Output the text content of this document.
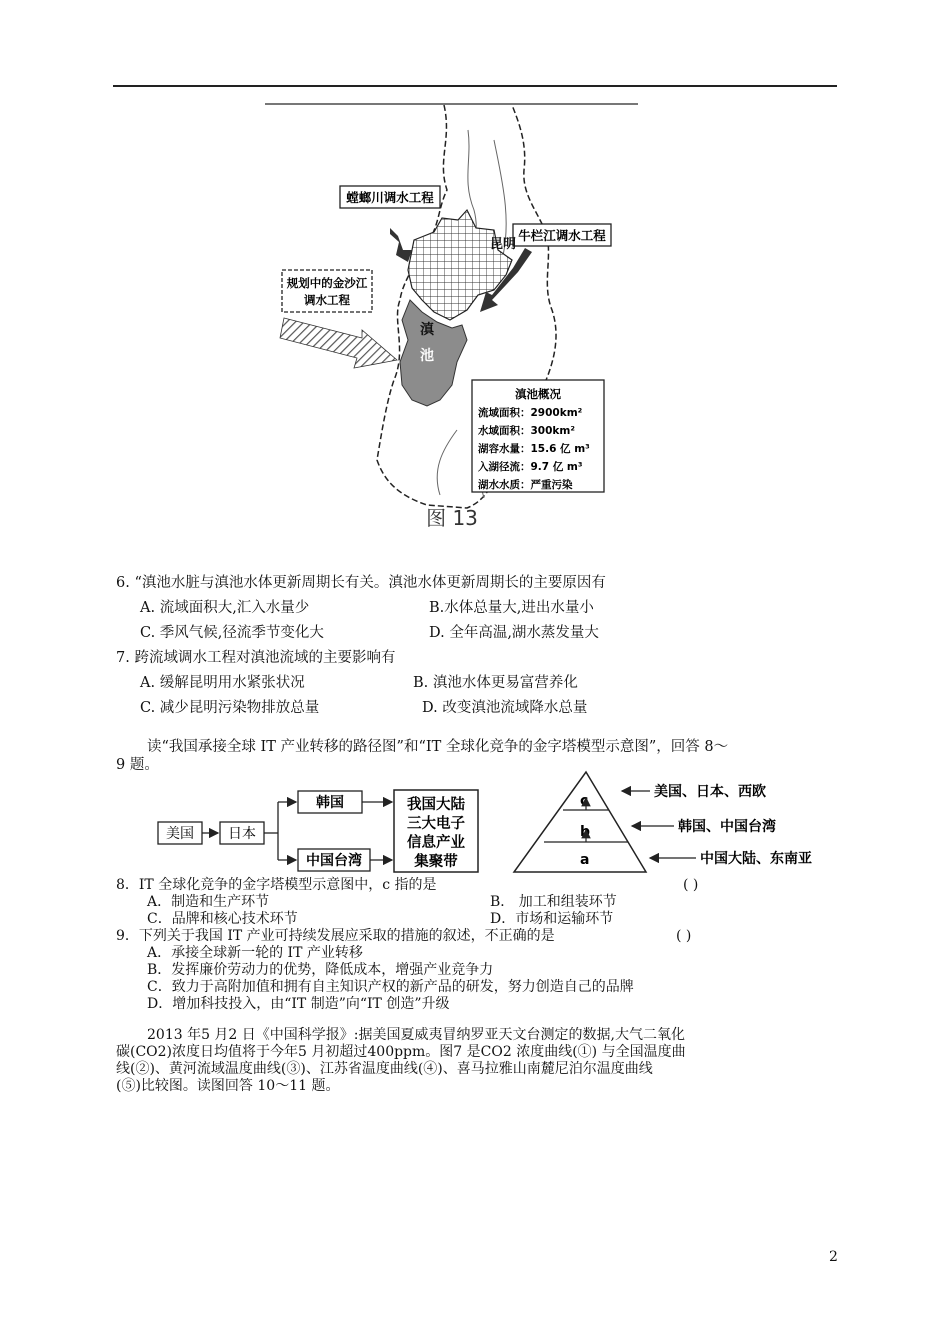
螳螂川调水工程
牛栏江调水工程
规划中的金沙江
调水工程
昆明
滇
池
滇池概况
流域面积：2900km²
水域面积：300km²
湖容水量：15.6 亿 m³
入湖径流：9.7 亿 m³
湖水水质：严重污染
图 13
6. “滇池水脏与滇池水体更新周期长有关。滇池水体更新周期长的主要原因有
A. 流域面积大,汇入水量少	B.水体总量大,进出水量小
C. 季风气候,径流季节变化大	D. 全年高温,湖水蒸发量大
7. 跨流域调水工程对滇池流域的主要影响有
A. 缓解昆明用水紧张状况	B. 滇池水体更易富营养化
C. 减少昆明污染物排放总量	D. 改变滇池流域降水总量
读“我国承接全球 IT 产业转移的路径图”和“IT 全球化竞争的金字塔模型示意图”，回答 8～
9 题。
美国 日本
韩国
中国台湾
我国大陆
三大电子
信息产业
集聚带
c
b
a
美国、日本、西欧
韩国、中国台湾
中国大陆、东南亚
8．IT 全球化竞争的金字塔模型示意图中，c 指的是	( )
A．制造和生产环节	B． 加工和组装环节
C．品牌和核心技术环节	D．市场和运输环节
9．下列关于我国 IT 产业可持续发展应采取的措施的叙述，不正确的是	( )
A．承接全球新一轮的 IT 产业转移
B．发挥廉价劳动力的优势，降低成本，增强产业竞争力
C．致力于高附加值和拥有自主知识产权的新产品的研发，努力创造自己的品牌
D．增加科技投入，由“IT 制造”向“IT 创造”升级
2013 年5 月2 日《中国科学报》:据美国夏威夷冒纳罗亚天文台测定的数据,大气二氧化
碳(CO2)浓度日均值将于今年5 月初超过400ppm。图7 是CO2 浓度曲线(①) 与全国温度曲
线(②)、黄河流域温度曲线(③)、江苏省温度曲线(④)、喜马拉雅山南麓尼泊尔温度曲线
(⑤)比较图。读图回答 10～11 题。
2
